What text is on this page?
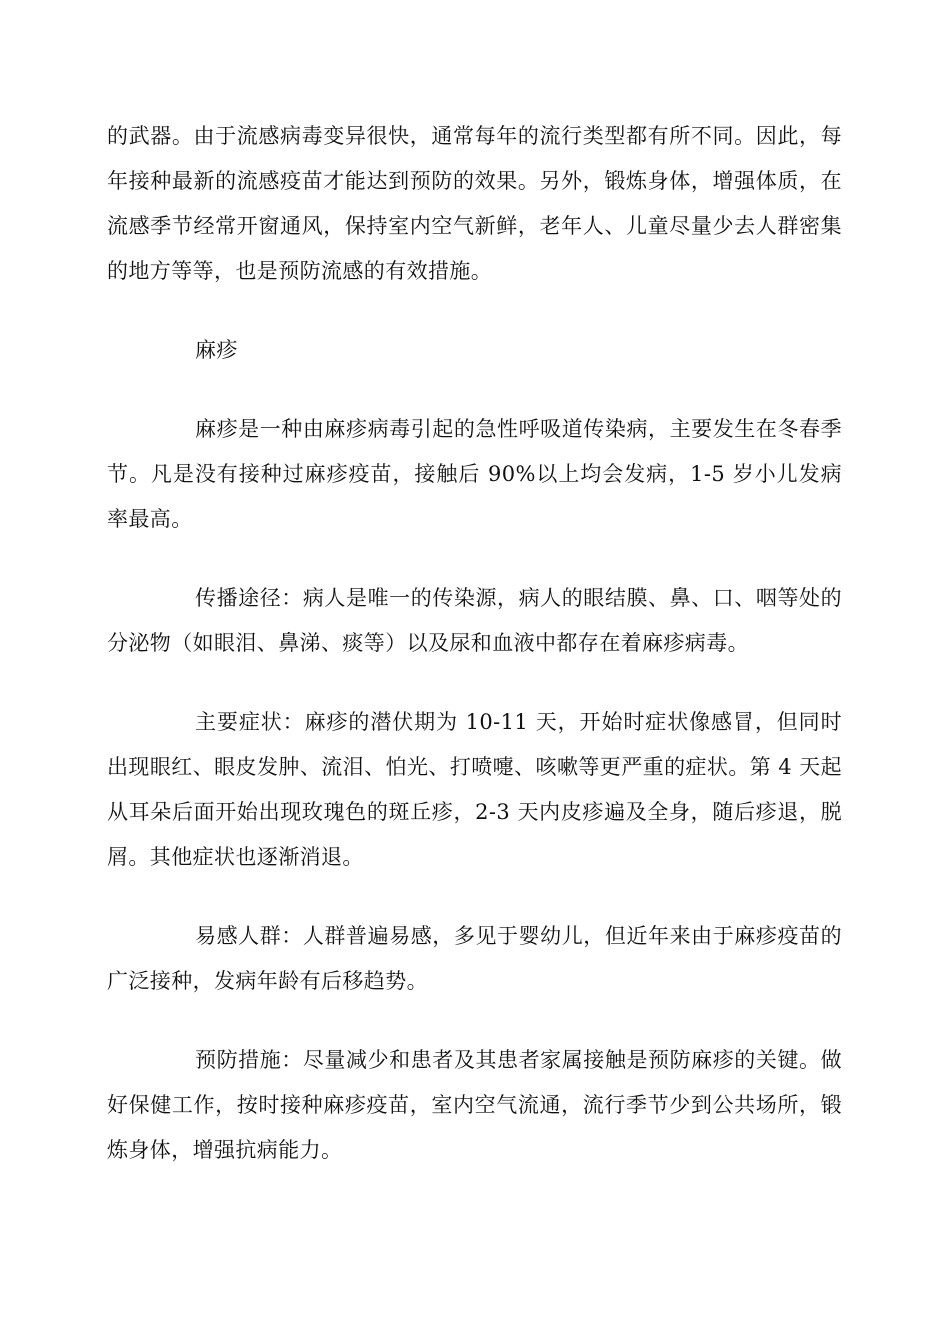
的武器。由于流感病毒变异很快，通常每年的流行类型都有所不同。因此，每年接种最新的流感疫苗才能达到预防的效果。另外，锻炼身体，增强体质，在流感季节经常开窗通风，保持室内空气新鲜，老年人、儿童尽量少去人群密集的地方等等，也是预防流感的有效措施。

麻疹

麻疹是一种由麻疹病毒引起的急性呼吸道传染病，主要发生在冬春季节。凡是没有接种过麻疹疫苗，接触后 90%以上均会发病，1-5 岁小儿发病率最高。

传播途径：病人是唯一的传染源，病人的眼结膜、鼻、口、咽等处的分泌物（如眼泪、鼻涕、痰等）以及尿和血液中都存在着麻疹病毒。

主要症状：麻疹的潜伏期为 10-11 天，开始时症状像感冒，但同时出现眼红、眼皮发肿、流泪、怕光、打喷嚏、咳嗽等更严重的症状。第 4 天起从耳朵后面开始出现玫瑰色的斑丘疹，2-3 天内皮疹遍及全身，随后疹退，脱屑。其他症状也逐渐消退。

易感人群：人群普遍易感，多见于婴幼儿，但近年来由于麻疹疫苗的广泛接种，发病年龄有后移趋势。

预防措施：尽量减少和患者及其患者家属接触是预防麻疹的关键。做好保健工作，按时接种麻疹疫苗，室内空气流通，流行季节少到公共场所，锻炼身体，增强抗病能力。
